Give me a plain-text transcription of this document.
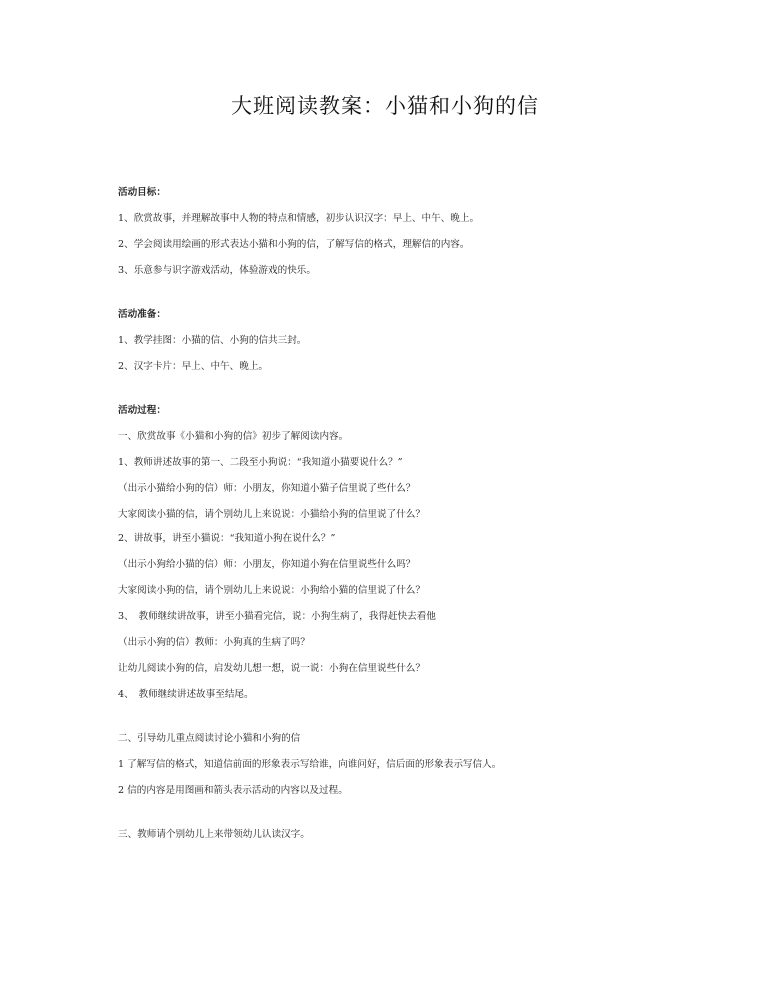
大班阅读教案：小猫和小狗的信
活动目标：
1、欣赏故事，并理解故事中人物的特点和情感，初步认识汉字：早上、中午、晚上。
2、学会阅读用绘画的形式表达小猫和小狗的信，了解写信的格式，理解信的内容。
3、乐意参与识字游戏活动，体验游戏的快乐。
活动准备：
1、教学挂图：小猫的信、小狗的信共三封。
2、汉字卡片：早上、中午、晚上。
活动过程：
一、欣赏故事《小猫和小狗的信》初步了解阅读内容。
1、教师讲述故事的第一、二段至小狗说：“我知道小猫要说什么？”
（出示小猫给小狗的信）师：小朋友，你知道小猫子信里说了些什么？
大家阅读小猫的信，请个别幼儿上来说说：小猫给小狗的信里说了什么？
2、讲故事，讲至小猫说：“我知道小狗在说什么？”
（出示小狗给小猫的信）师：小朋友，你知道小狗在信里说些什么吗？
大家阅读小狗的信，请个别幼儿上来说说：小狗给小猫的信里说了什么？
3、　教师继续讲故事，讲至小猫看完信，说：小狗生病了，我得赶快去看他
（出示小狗的信）教师：小狗真的生病了吗？
让幼儿阅读小狗的信，启发幼儿想一想，说一说：小狗在信里说些什么？
4、　教师继续讲述故事至结尾。
二、引导幼儿重点阅读讨论小猫和小狗的信
1 了解写信的格式，知道信前面的形象表示写给谁，向谁问好，信后面的形象表示写信人。
2 信的内容是用图画和箭头表示活动的内容以及过程。
三、教师请个别幼儿上来带领幼儿认读汉字。
